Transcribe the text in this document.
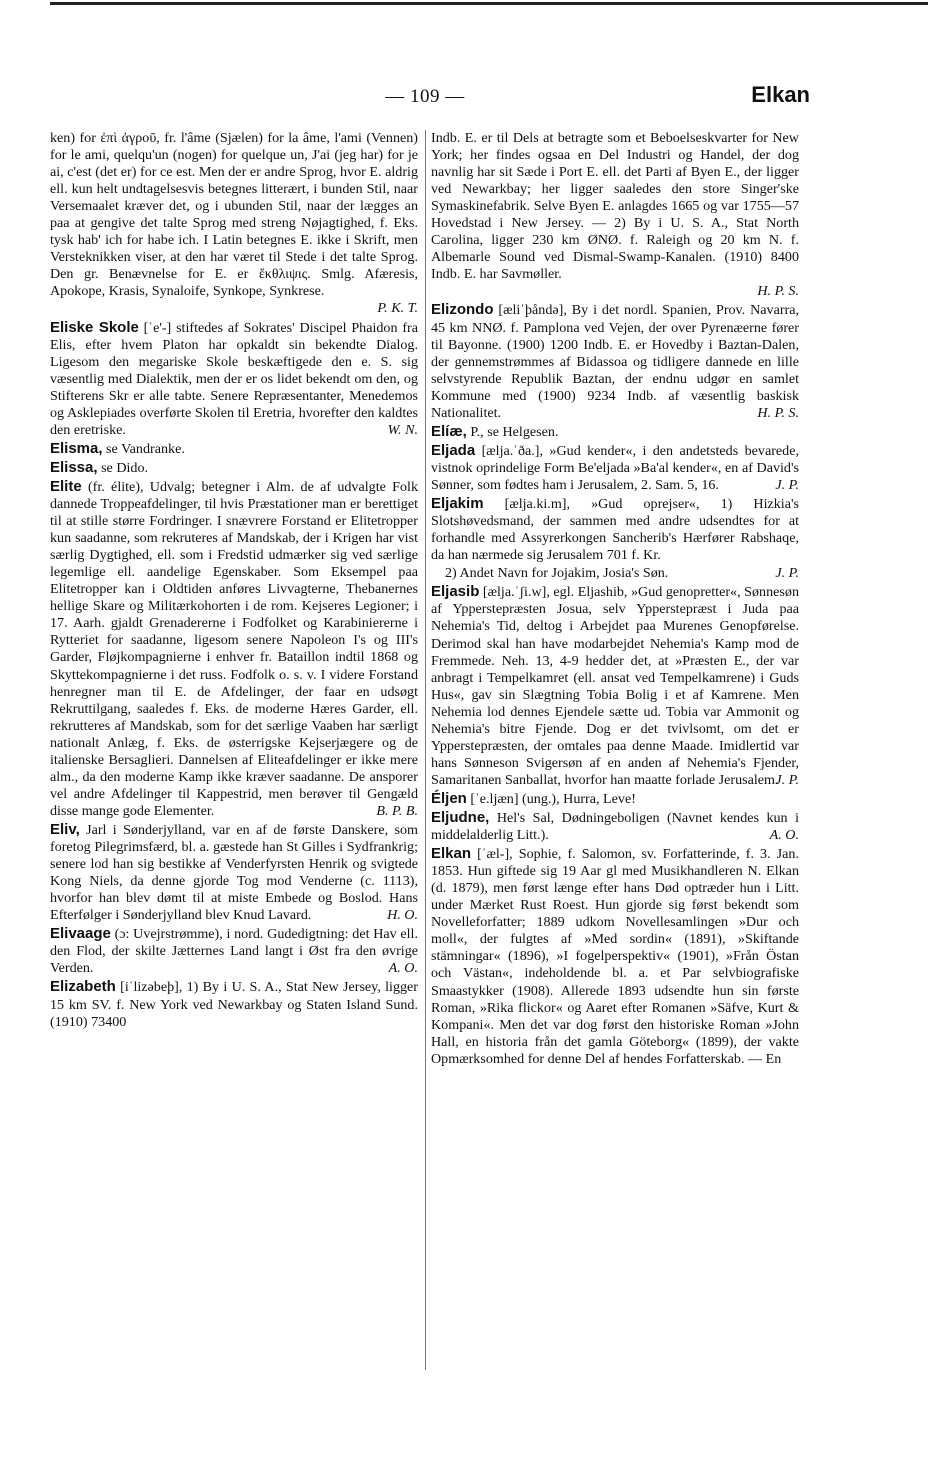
— 109 —	Elkan

ken) for ἐπὶ ἀγροῦ, fr. l'âme (Sjælen) for la âme, l'ami (Vennen) for le ami, quelqu'un (nogen) for quelque un, J'ai (jeg har) for je ai, c'est (det er) for ce est. Men der er andre Sprog, hvor E. aldrig ell. kun helt undtagelsesvis betegnes litterært, i bunden Stil, naar Versemaalet kræver det, og i ubunden Stil, naar der lægges an paa at gengive det talte Sprog med streng Nøjagtighed, f. Eks. tysk hab' ich for habe ich. I Latin betegnes E. ikke i Skrift, men Versteknikken viser, at den har været til Stede i det talte Sprog. Den gr. Benævnelse for E. er ἔκθλιψις. Smlg. Afæresis, Apokope, Krasis, Synaloife, Synkope, Synkrese.
P. K. T.

Eliske Skole [ˈe'-] stiftedes af Sokrates' Discipel Phaidon fra Elis, efter hvem Platon har opkaldt sin bekendte Dialog. Ligesom den megariske Skole beskæftigede den e. S. sig væsentlig med Dialektik, men der er os lidet bekendt om den, og Stifterens Skr er alle tabte. Senere Repræsentanter, Menedemos og Asklepiades overførte Skolen til Eretria, hvorefter den kaldtes den eretriske.	W. N.

Elisma, se Vandranke.

Elissa, se Dido.

Elite (fr. élite), Udvalg; betegner i Alm. de af udvalgte Folk dannede Troppeafdelinger, til hvis Præstationer man er berettiget til at stille større Fordringer. I snævrere Forstand er Elitetropper kun saadanne, som rekruteres af Mandskab, der i Krigen har vist særlig Dygtighed, ell. som i Fredstid udmærker sig ved særlige legemlige ell. aandelige Egenskaber. Som Eksempel paa Elitetropper kan i Oldtiden anføres Livvagterne, Thebanernes hellige Skare og Militærkohorten i de rom. Kejseres Legioner; i 17. Aarh. gjaldt Grenadererne i Fodfolket og Karabiniererne i Rytteriet for saadanne, ligesom senere Napoleon I's og III's Garder, Fløjkompagnierne i enhver fr. Bataillon indtil 1868 og Skyttekompagnierne i det russ. Fodfolk o. s. v. I videre Forstand henregner man til E. de Afdelinger, der faar en udsøgt Rekruttilgang, saaledes f. Eks. de moderne Hæres Garder, ell. rekrutteres af Mandskab, som for det særlige Vaaben har særligt nationalt Anlæg, f. Eks. de østerrigske Kejserjægere og de italienske Bersaglieri. Dannelsen af Eliteafdelinger er ikke mere alm., da den moderne Kamp ikke kræver saadanne. De ansporer vel andre Afdelinger til Kappestrid, men berøver til Gengæld disse mange gode Elementer.	B. P. B.

Eliv, Jarl i Sønderjylland, var en af de første Danskere, som foretog Pilegrimsfærd, bl. a. gæstede han St Gilles i Sydfrankrig; senere lod han sig bestikke af Venderfyrsten Henrik og svigtede Kong Niels, da denne gjorde Tog mod Venderne (c. 1113), hvorfor han blev dømt til at miste Embede og Boslod. Hans Efterfølger i Sønderjylland blev Knud Lavard.	H. O.

Elivaage (ɔ: Uvejrstrømme), i nord. Gudedigtning: det Hav ell. den Flod, der skilte Jætternes Land langt i Øst fra den øvrige Verden.	A. O.

Elizabeth [iˈlizəbeþ], 1) By i U. S. A., Stat New Jersey, ligger 15 km SV. f. New York ved Newarkbay og Staten Island Sund. (1910) 73400

Indb. E. er til Dels at betragte som et Beboelseskvarter for New York; her findes ogsaa en Del Industri og Handel, der dog navnlig har sit Sæde i Port E. ell. det Parti af Byen E., der ligger ved Newarkbay; her ligger saaledes den store Singer'ske Symaskinefabrik. Selve Byen E. anlagdes 1665 og var 1755—57 Hovedstad i New Jersey. — 2) By i U. S. A., Stat North Carolina, ligger 230 km ØNØ. f. Raleigh og 20 km N. f. Albemarle Sound ved Dismal-Swamp-Kanalen. (1910) 8400 Indb. E. har Savmøller.
H. P. S.

Elizondo [æliˈþåndə], By i det nordl. Spanien, Prov. Navarra, 45 km NNØ. f. Pamplona ved Vejen, der over Pyrenæerne fører til Bayonne. (1900) 1200 Indb. E. er Hovedby i Baztan-Dalen, der gennemstrømmes af Bidassoa og tidligere dannede en lille selvstyrende Republik Baztan, der endnu udgør en samlet Kommune med (1900) 9234 Indb. af væsentlig baskisk Nationalitet.	H. P. S.

Elíæ, P., se Helgesen.

Eljada [ælja.ˈða.], »Gud kender«, i den andetsteds bevarede, vistnok oprindelige Form Be'eljada »Ba'al kender«, en af David's Sønner, som fødtes ham i Jerusalem, 2. Sam. 5, 16.	J. P.

Eljakim [ælja.ki.m], »Gud oprejser«, 1) Hizkia's Slotshøvedsmand, der sammen med andre udsendtes for at forhandle med Assyrerkongen Sancherib's Hærfører Rabshaqe, da han nærmede sig Jerusalem 701 f. Kr.

2) Andet Navn for Jojakim, Josia's Søn.	J. P.

Eljasib [ælja.ˈʃi.w], egl. Eljashib, »Gud genopretter«, Sønnesøn af Ypperstepræsten Josua, selv Ypperstepræst i Juda paa Nehemia's Tid, deltog i Arbejdet paa Murenes Genopførelse. Derimod skal han have modarbejdet Nehemia's Kamp mod de Fremmede. Neh. 13, 4-9 hedder det, at »Præsten E., der var anbragt i Tempelkamret (ell. ansat ved Tempelkamrene) i Guds Hus«, gav sin Slægtning Tobia Bolig i et af Kamrene. Men Nehemia lod dennes Ejendele sætte ud. Tobia var Ammonit og Nehemia's bitre Fjende. Dog er det tvivlsomt, om det er Ypperstepræsten, der omtales paa denne Maade. Imidlertid var hans Sønneson Svigersøn af en anden af Nehemia's Fjender, Samaritanen Sanballat, hvorfor han maatte forlade Jerusalem.
J. P.

Éljen [ˈe.ljæn] (ung.), Hurra, Leve!

Eljudne, Hel's Sal, Dødningeboligen (Navnet kendes kun i middelalderlig Litt.).	A. O.

Elkan [ˈæl-], Sophie, f. Salomon, sv. Forfatterinde, f. 3. Jan. 1853. Hun giftede sig 19 Aar gl med Musikhandleren N. Elkan (d. 1879), men først længe efter hans Død optræder hun i Litt. under Mærket Rust Roest. Hun gjorde sig først bekendt som Novelleforfatter; 1889 udkom Novellesamlingen »Dur och moll«, der fulgtes af »Med sordin« (1891), »Skiftande stämningar« (1896), »I fogelperspektiv« (1901), »Från Östan och Västan«, indeholdende bl. a. et Par selvbiografiske Smaastykker (1908). Allerede 1893 udsendte hun sin første Roman, »Rika flickor« og Aaret efter Romanen »Säfve, Kurt & Kompani«. Men det var dog først den historiske Roman »John Hall, en historia från det gamla Göteborg« (1899), der vakte Opmærksomhed for denne Del af hendes Forfatterskab. — En
